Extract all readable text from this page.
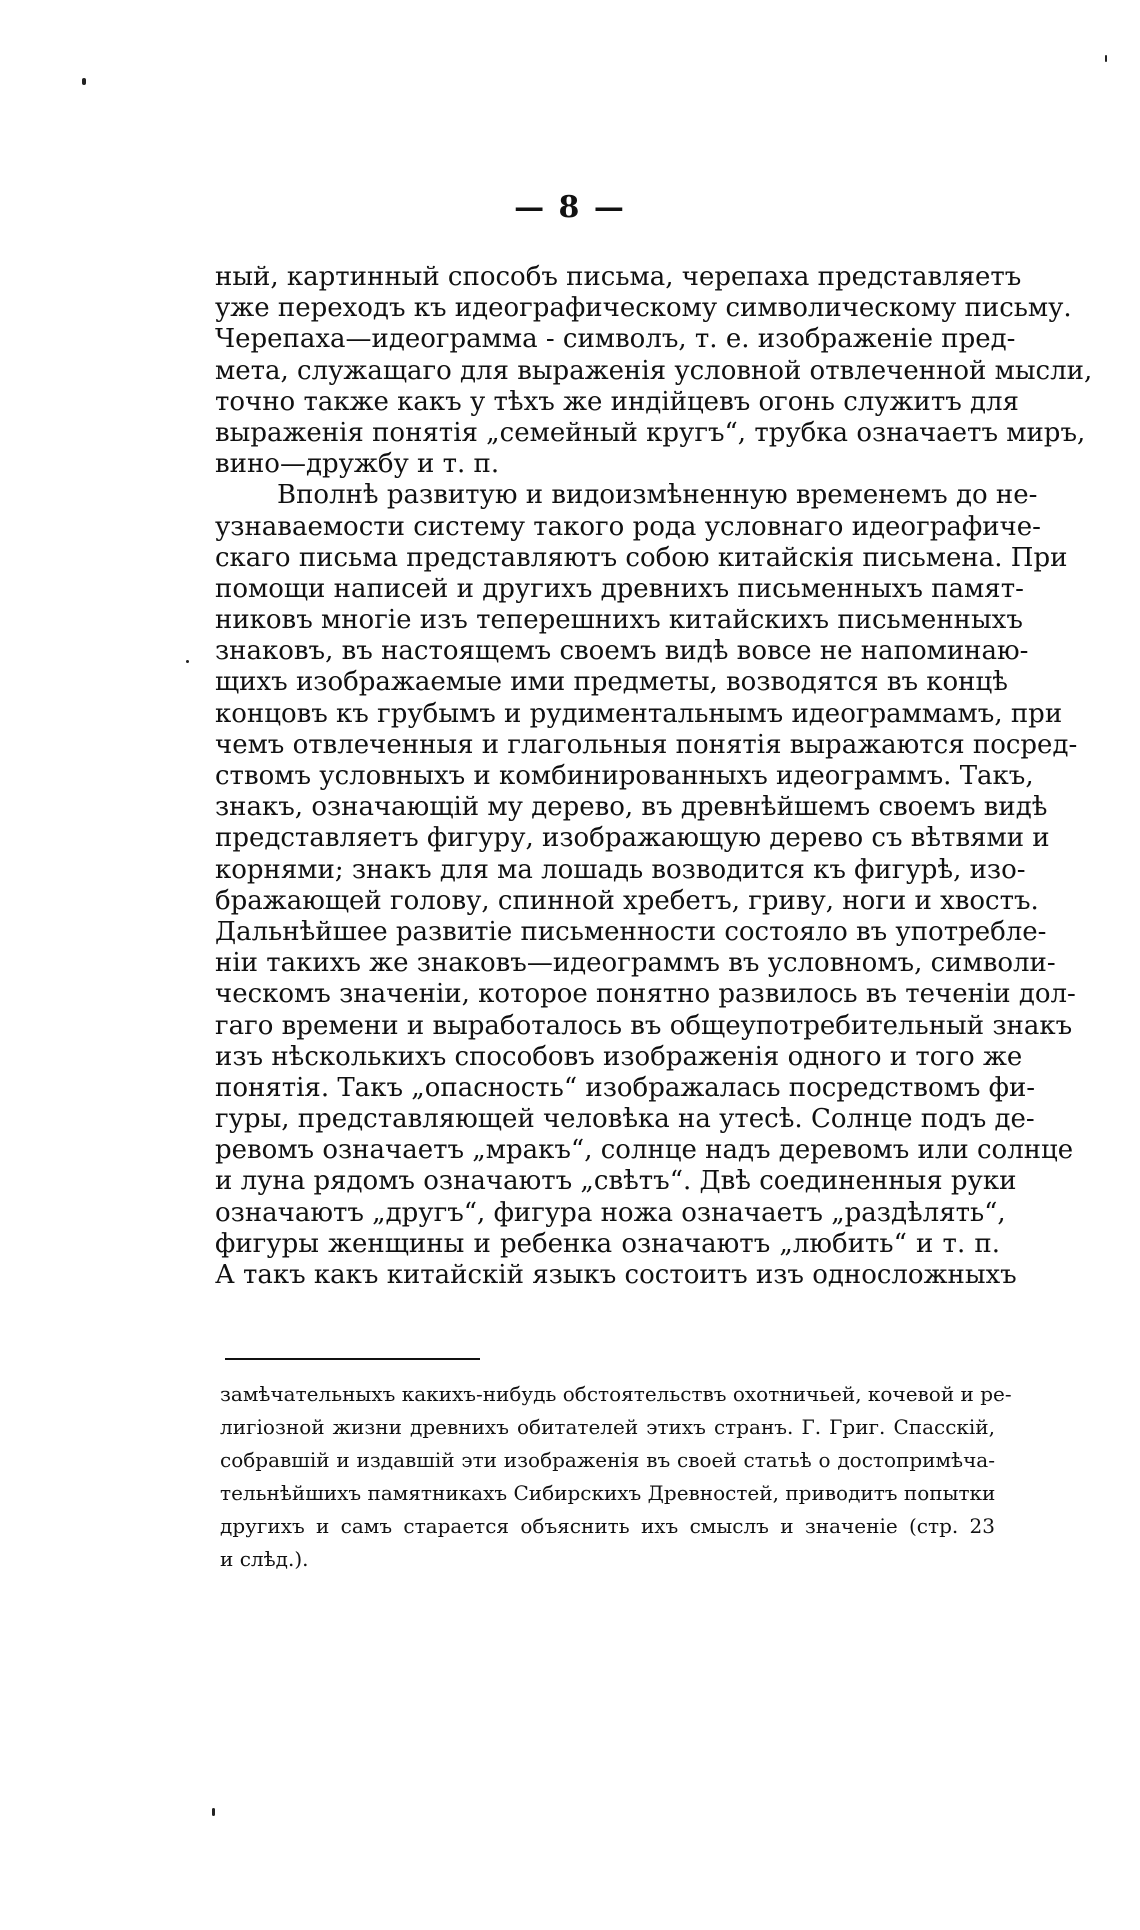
— 8 —
ный, картинный способъ письма, черепаха представляетъ
уже переходъ къ идеографическому символическому письму.
Черепаха—идеограмма - символъ, т. е. изображеніе пред-
мета, служащаго для выраженія условной отвлеченной мысли,
точно также какъ у тѣхъ же индійцевъ огонь служитъ для
выраженія понятія „семейный кругъ“, трубка означаетъ миръ,
вино—дружбу и т. п.
Вполнѣ развитую и видоизмѣненную временемъ до не-
узнаваемости систему такого рода условнаго идеографиче-
скаго письма представляютъ собою китайскія письмена. При
помощи написей и другихъ древнихъ письменныхъ памят-
никовъ многіе изъ теперешнихъ китайскихъ письменныхъ
знаковъ, въ настоящемъ своемъ видѣ вовсе не напоминаю-
щихъ изображаемые ими предметы, возводятся въ концѣ
концовъ къ грубымъ и рудиментальнымъ идеограммамъ, при
чемъ отвлеченныя и глагольныя понятія выражаются посред-
ствомъ условныхъ и комбинированныхъ идеограммъ. Такъ,
знакъ, означающій му дерево, въ древнѣйшемъ своемъ видѣ
представляетъ фигуру, изображающую дерево съ вѣтвями и
корнями; знакъ для ма лошадь возводится къ фигурѣ, изо-
бражающей голову, спинной хребетъ, гриву, ноги и хвостъ.
Дальнѣйшее развитіе письменности состояло въ употребле-
ніи такихъ же знаковъ—идеограммъ въ условномъ, символи-
ческомъ значеніи, которое понятно развилось въ теченіи дол-
гаго времени и выработалось въ общеупотребительный знакъ
изъ нѣсколькихъ способовъ изображенія одного и того же
понятія. Такъ „опасность“ изображалась посредствомъ фи-
гуры, представляющей человѣка на утесѣ. Солнце подъ де-
ревомъ означаетъ „мракъ“, солнце надъ деревомъ или солнце
и луна рядомъ означаютъ „свѣтъ“. Двѣ соединенныя руки
означаютъ „другъ“, фигура ножа означаетъ „раздѣлять“,
фигуры женщины и ребенка означаютъ „любить“ и т. п.
А такъ какъ китайскій языкъ состоитъ изъ односложныхъ
замѣчательныхъ какихъ-нибудь обстоятельствъ охотничьей, кочевой и ре-
лигіозной жизни древнихъ обитателей этихъ странъ. Г. Григ. Спасскій,
собравшій и издавшій эти изображенія въ своей статьѣ о достопримѣча-
тельнѣйшихъ памятникахъ Сибирскихъ Древностей, приводитъ попытки
другихъ и самъ старается объяснить ихъ смыслъ и значеніе (стр. 23
и слѣд.).
